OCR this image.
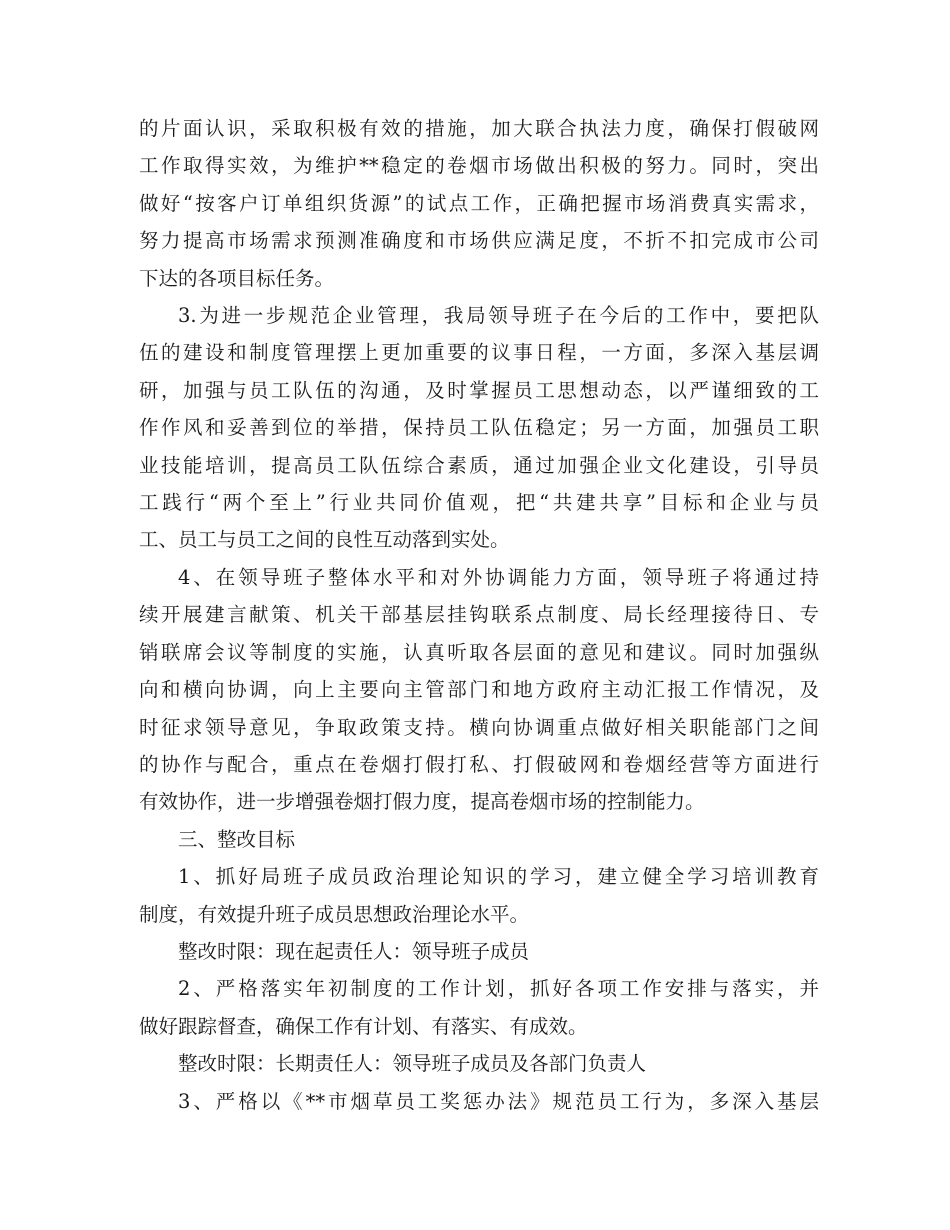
的片面认识，采取积极有效的措施，加大联合执法力度，确保打假破网
工作取得实效，为维护**稳定的卷烟市场做出积极的努力。同时，突出
做好“按客户订单组织货源”的试点工作，正确把握市场消费真实需求，
努力提高市场需求预测准确度和市场供应满足度，不折不扣完成市公司
下达的各项目标任务。
3.为进一步规范企业管理，我局领导班子在今后的工作中，要把队
伍的建设和制度管理摆上更加重要的议事日程，一方面，多深入基层调
研，加强与员工队伍的沟通，及时掌握员工思想动态，以严谨细致的工
作作风和妥善到位的举措，保持员工队伍稳定；另一方面，加强员工职
业技能培训，提高员工队伍综合素质，通过加强企业文化建设，引导员
工践行“两个至上”行业共同价值观，把“共建共享”目标和企业与员
工、员工与员工之间的良性互动落到实处。
4、在领导班子整体水平和对外协调能力方面，领导班子将通过持
续开展建言献策、机关干部基层挂钩联系点制度、局长经理接待日、专
销联席会议等制度的实施，认真听取各层面的意见和建议。同时加强纵
向和横向协调，向上主要向主管部门和地方政府主动汇报工作情况，及
时征求领导意见，争取政策支持。横向协调重点做好相关职能部门之间
的协作与配合，重点在卷烟打假打私、打假破网和卷烟经营等方面进行
有效协作，进一步增强卷烟打假力度，提高卷烟市场的控制能力。
三、整改目标
1、抓好局班子成员政治理论知识的学习，建立健全学习培训教育
制度，有效提升班子成员思想政治理论水平。
整改时限：现在起责任人：领导班子成员
2、严格落实年初制度的工作计划，抓好各项工作安排与落实，并
做好跟踪督查，确保工作有计划、有落实、有成效。
整改时限：长期责任人：领导班子成员及各部门负责人
3、严格以《**市烟草员工奖惩办法》规范员工行为，多深入基层
